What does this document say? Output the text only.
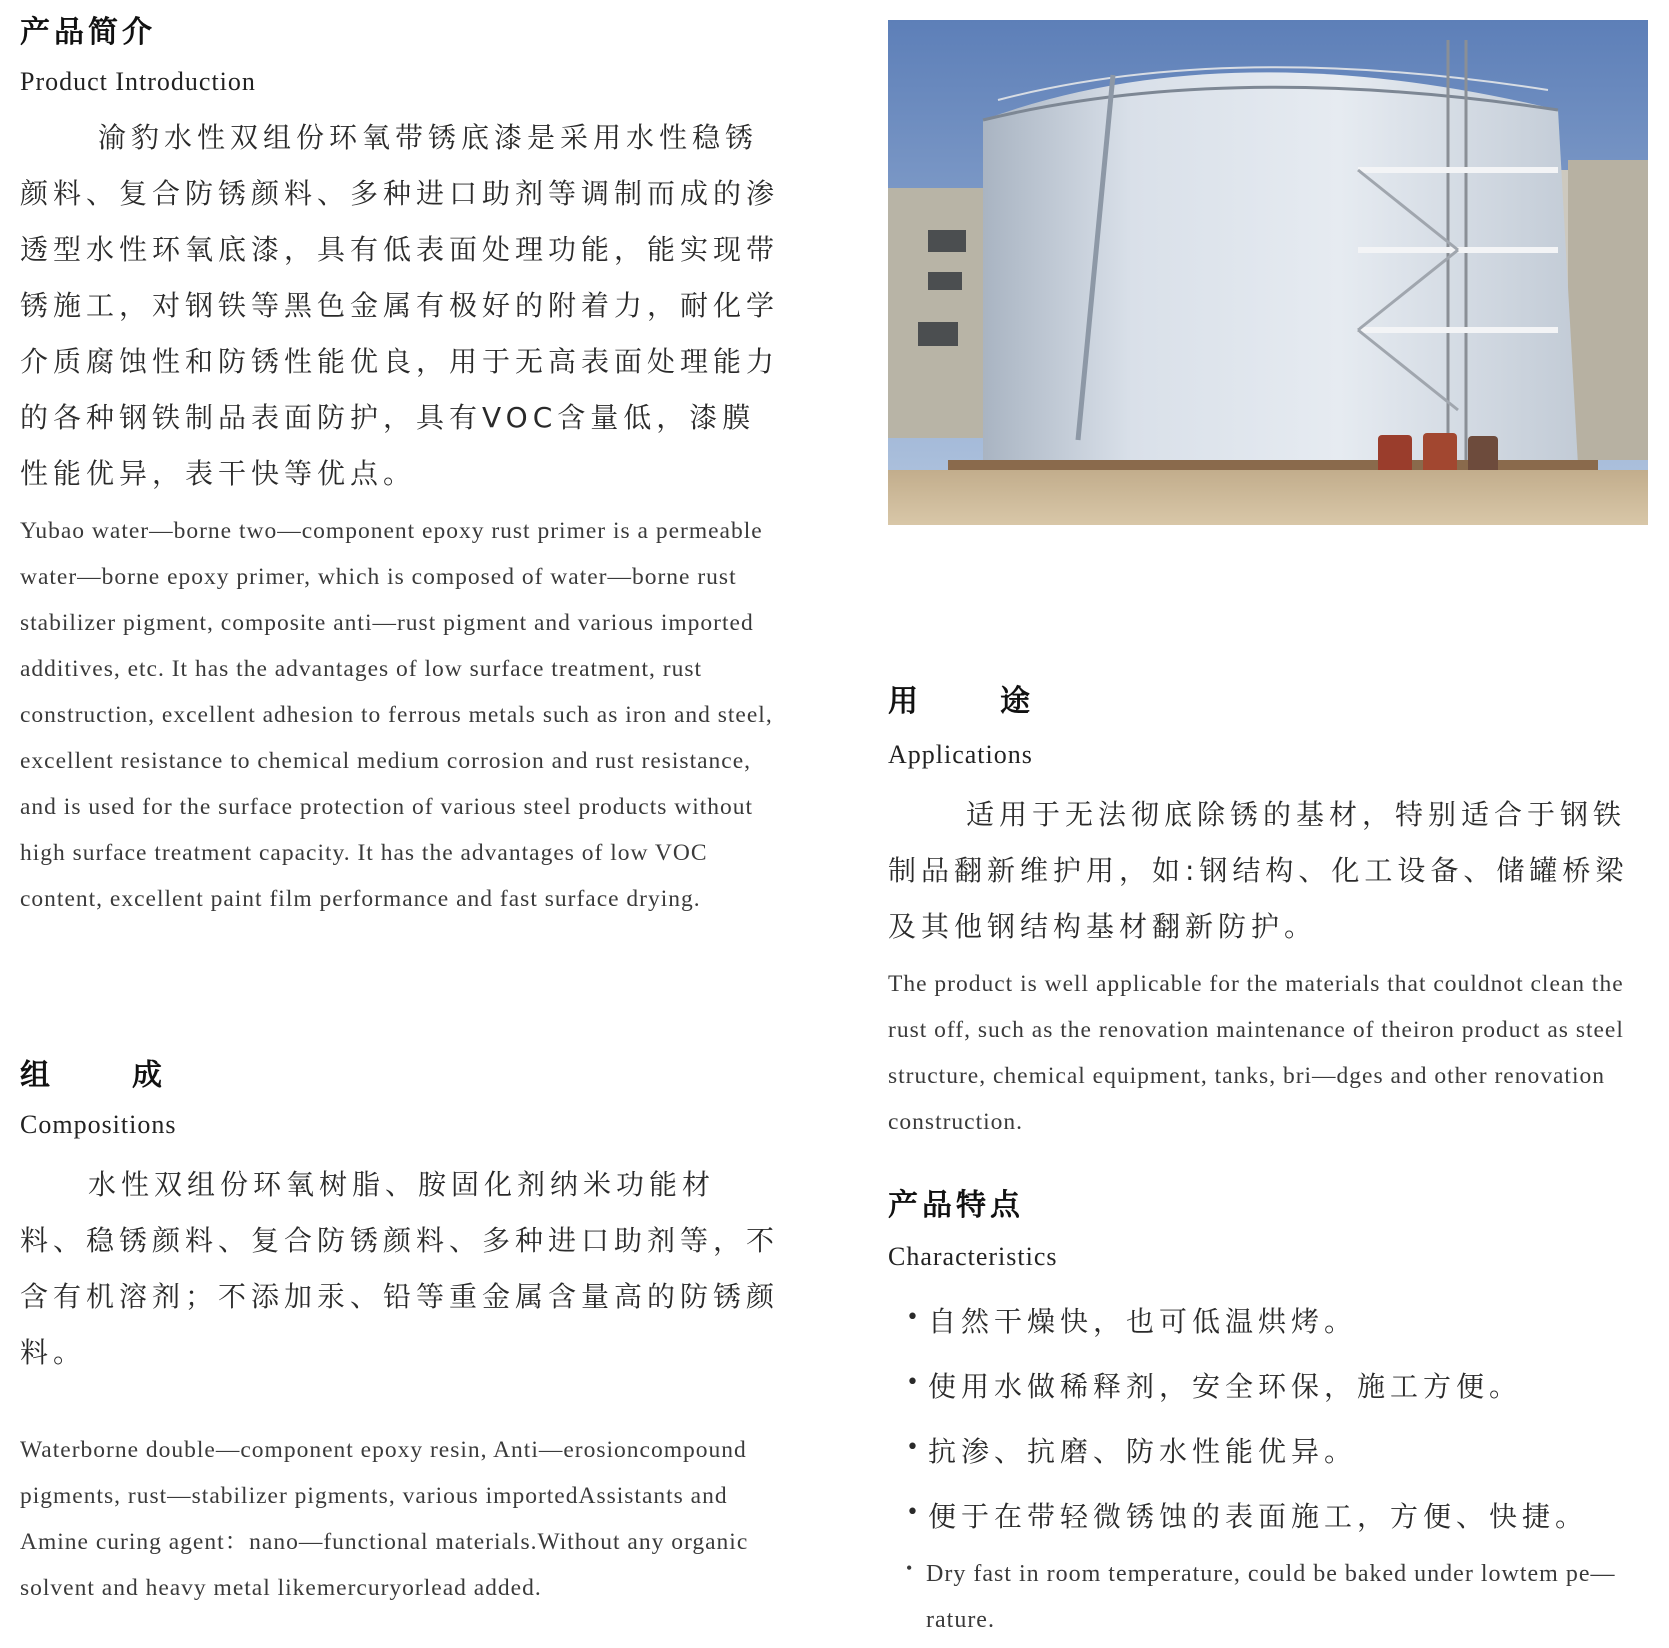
产品简介
Product Introduction

渝豹水性双组份环氧带锈底漆是采用水性稳锈颜料、复合防锈颜料、多种进口助剂等调制而成的渗透型水性环氧底漆，具有低表面处理功能，能实现带锈施工，对钢铁等黑色金属有极好的附着力，耐化学介质腐蚀性和防锈性能优良，用于无高表面处理能力的各种钢铁制品表面防护，具有VOC含量低，漆膜性能优异，表干快等优点。

Yubao water—borne two—component epoxy rust primer is a permeable water—borne epoxy primer, which is composed of water—borne rust stabilizer pigment, composite anti—rust pigment and various imported additives, etc. It has the advantages of low surface treatment, rust construction, excellent adhesion to ferrous metals such as iron and steel, excellent resistance to chemical medium corrosion and rust resistance, and is used for the surface protection of various steel products without high surface treatment capacity. It has the advantages of low VOC content, excellent paint film performance and fast surface drying.

组	成
Compositions

水性双组份环氧树脂、胺固化剂纳米功能材料、稳锈颜料、复合防锈颜料、多种进口助剂等，不含有机溶剂；不添加汞、铅等重金属含量高的防锈颜料。

Waterborne double—component epoxy resin, Anti—erosioncompound pigments, rust—stabilizer pigments, various importedAssistants and Amine curing agent：nano—functional materials.Without any organic solvent and heavy metal likemercuryorlead added.

用	途
Applications

适用于无法彻底除锈的基材，特别适合于钢铁制品翻新维护用，如:钢结构、化工设备、储罐桥梁及其他钢结构基材翻新防护。

The product is well applicable for the materials that couldnot clean the rust off, such as the renovation maintenance of theiron product as steel structure, chemical equipment, tanks, bri—dges and other renovation construction.

产品特点
Characteristics
• 自然干燥快，也可低温烘烤。
• 使用水做稀释剂，安全环保，施工方便。
• 抗渗、抗磨、防水性能优异。
• 便于在带轻微锈蚀的表面施工，方便、快捷。

• Dry fast in room temperature, could be baked under lowtem pe—rature.
